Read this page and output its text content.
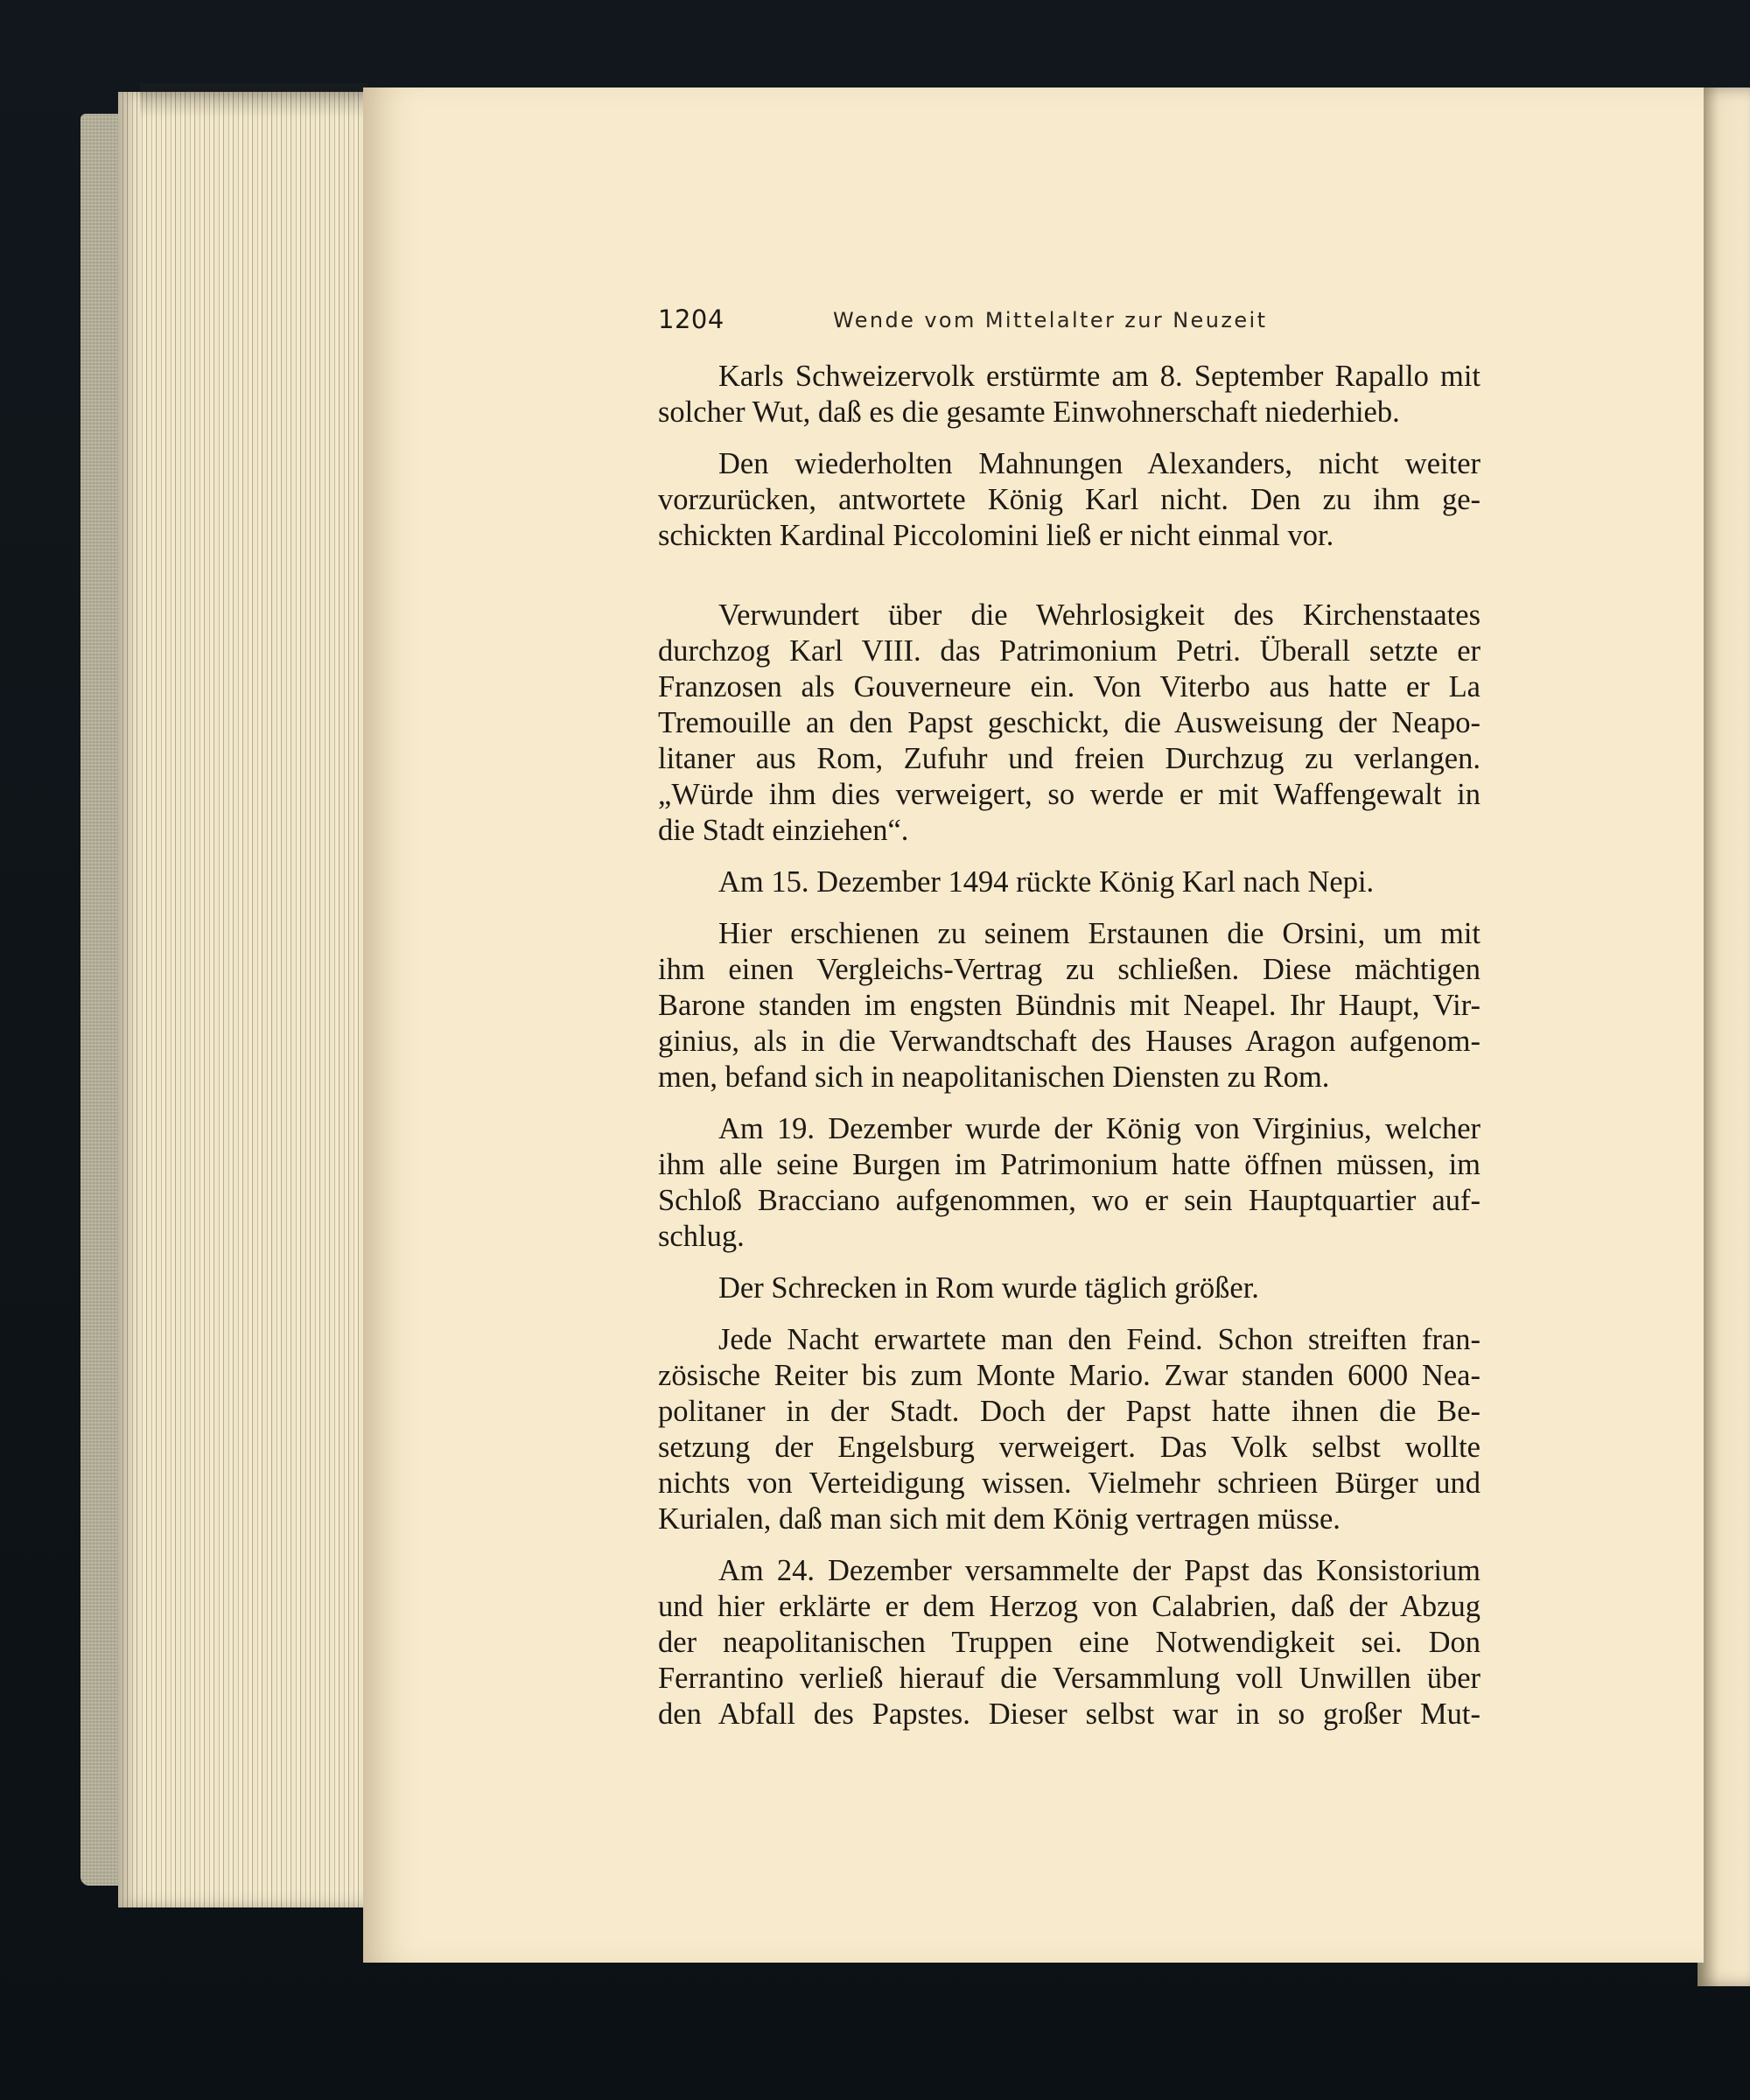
1204	Wende vom Mittelalter zur Neuzeit
Karls Schweizervolk erstürmte am 8. September Rapallo mit
solcher Wut, daß es die gesamte Einwohnerschaft niederhieb.
Den wiederholten Mahnungen Alexanders, nicht weiter
vorzurücken, antwortete König Karl nicht. Den zu ihm ge-
schickten Kardinal Piccolomini ließ er nicht einmal vor.
Verwundert über die Wehrlosigkeit des Kirchenstaates
durchzog Karl VIII. das Patrimonium Petri. Überall setzte er
Franzosen als Gouverneure ein. Von Viterbo aus hatte er La
Tremouille an den Papst geschickt, die Ausweisung der Neapo-
litaner aus Rom, Zufuhr und freien Durchzug zu verlangen.
„Würde ihm dies verweigert, so werde er mit Waffengewalt in
die Stadt einziehen“.
Am 15. Dezember 1494 rückte König Karl nach Nepi.
Hier erschienen zu seinem Erstaunen die Orsini, um mit
ihm einen Vergleichs-Vertrag zu schließen. Diese mächtigen
Barone standen im engsten Bündnis mit Neapel. Ihr Haupt, Vir-
ginius, als in die Verwandtschaft des Hauses Aragon aufgenom-
men, befand sich in neapolitanischen Diensten zu Rom.
Am 19. Dezember wurde der König von Virginius, welcher
ihm alle seine Burgen im Patrimonium hatte öffnen müssen, im
Schloß Bracciano aufgenommen, wo er sein Hauptquartier auf-
schlug.
Der Schrecken in Rom wurde täglich größer.
Jede Nacht erwartete man den Feind. Schon streiften fran-
zösische Reiter bis zum Monte Mario. Zwar standen 6000 Nea-
politaner in der Stadt. Doch der Papst hatte ihnen die Be-
setzung der Engelsburg verweigert. Das Volk selbst wollte
nichts von Verteidigung wissen. Vielmehr schrieen Bürger und
Kurialen, daß man sich mit dem König vertragen müsse.
Am 24. Dezember versammelte der Papst das Konsistorium
und hier erklärte er dem Herzog von Calabrien, daß der Abzug
der neapolitanischen Truppen eine Notwendigkeit sei. Don
Ferrantino verließ hierauf die Versammlung voll Unwillen über
den Abfall des Papstes. Dieser selbst war in so großer Mut-
